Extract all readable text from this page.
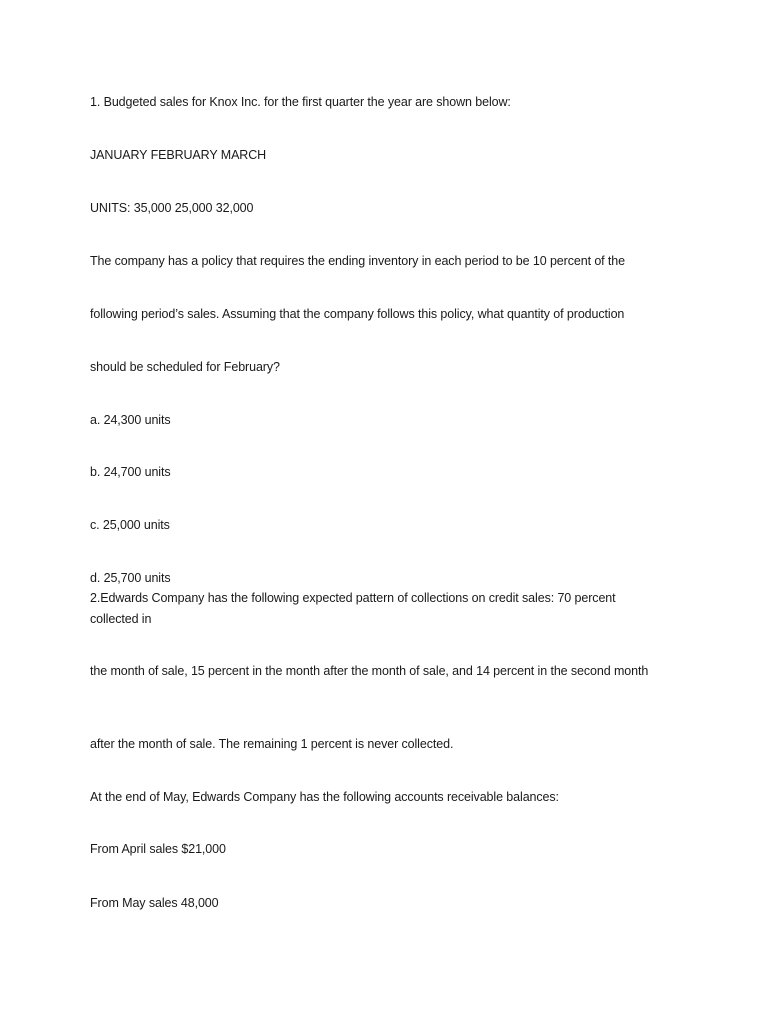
1. Budgeted sales for Knox Inc. for the first quarter the year are shown below:
JANUARY FEBRUARY MARCH
UNITS: 35,000 25,000 32,000
The company has a policy that requires the ending inventory in each period to be 10 percent of the
following period’s sales. Assuming that the company follows this policy, what quantity of production
should be scheduled for February?
a. 24,300 units
b. 24,700 units
c. 25,000 units
d. 25,700 units
2.Edwards Company has the following expected pattern of collections on credit sales: 70 percent
collected in
the month of sale, 15 percent in the month after the month of sale, and 14 percent in the second month
after the month of sale. The remaining 1 percent is never collected.
At the end of May, Edwards Company has the following accounts receivable balances:
From April sales $21,000
From May sales 48,000
